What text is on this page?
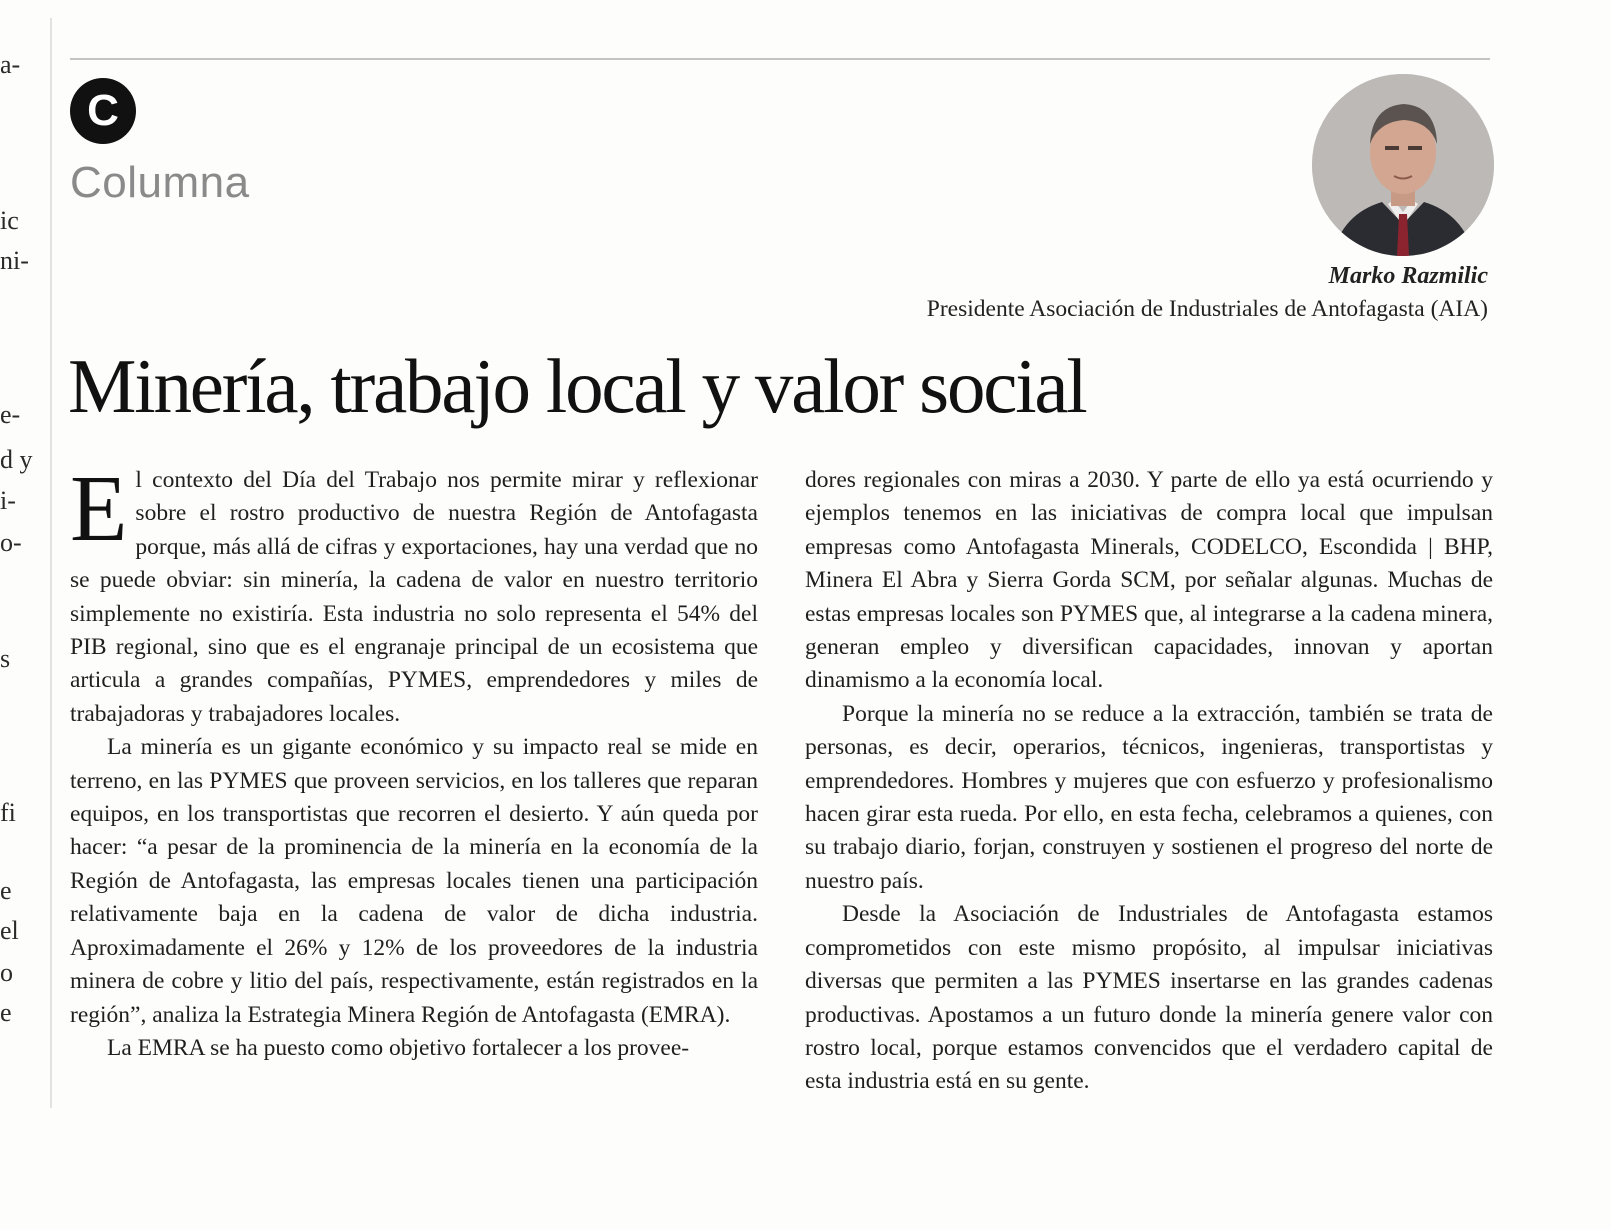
a-
ic
ni-
e-
d y
i-
o-
s
fi
e
el
o
e
C
Columna
Marko Razmilic
Presidente Asociación de Industriales de Antofagasta (AIA)
Minería, trabajo local y valor social

El contexto del Día del Trabajo nos permite mirar y reflexionar sobre el rostro productivo de nuestra Región de Antofagasta porque, más allá de cifras y exportaciones, hay una verdad que no se puede obviar: sin minería, la cadena de valor en nuestro territorio simplemente no existiría. Esta industria no solo representa el 54% del PIB regional, sino que es el engranaje principal de un ecosistema que articula a grandes compañías, PYMES, emprendedores y miles de trabajadoras y trabajadores locales.

La minería es un gigante económico y su impacto real se mide en terreno, en las PYMES que proveen servicios, en los talleres que reparan equipos, en los transportistas que recorren el desierto. Y aún queda por hacer: “a pesar de la prominencia de la minería en la economía de la Región de Antofagasta, las empresas locales tienen una participación relativamente baja en la cadena de valor de dicha industria. Aproximadamente el 26% y 12% de los proveedores de la industria minera de cobre y litio del país, respectivamente, están registrados en la región”, analiza la Estrategia Minera Región de Antofagasta (EMRA).

La EMRA se ha puesto como objetivo fortalecer a los provee-

dores regionales con miras a 2030. Y parte de ello ya está ocurriendo y ejemplos tenemos en las iniciativas de compra local que impulsan empresas como Antofagasta Minerals, CODELCO, Escondida | BHP, Minera El Abra y Sierra Gorda SCM, por señalar algunas. Muchas de estas empresas locales son PYMES que, al integrarse a la cadena minera, generan empleo y diversifican capacidades, innovan y aportan dinamismo a la economía local.

Porque la minería no se reduce a la extracción, también se trata de personas, es decir, operarios, técnicos, ingenieras, transportistas y emprendedores. Hombres y mujeres que con esfuerzo y profesionalismo hacen girar esta rueda. Por ello, en esta fecha, celebramos a quienes, con su trabajo diario, forjan, construyen y sostienen el progreso del norte de nuestro país.

Desde la Asociación de Industriales de Antofagasta estamos comprometidos con este mismo propósito, al impulsar iniciativas diversas que permiten a las PYMES insertarse en las grandes cadenas productivas. Apostamos a un futuro donde la minería genere valor con rostro local, porque estamos convencidos que el verdadero capital de esta industria está en su gente.
